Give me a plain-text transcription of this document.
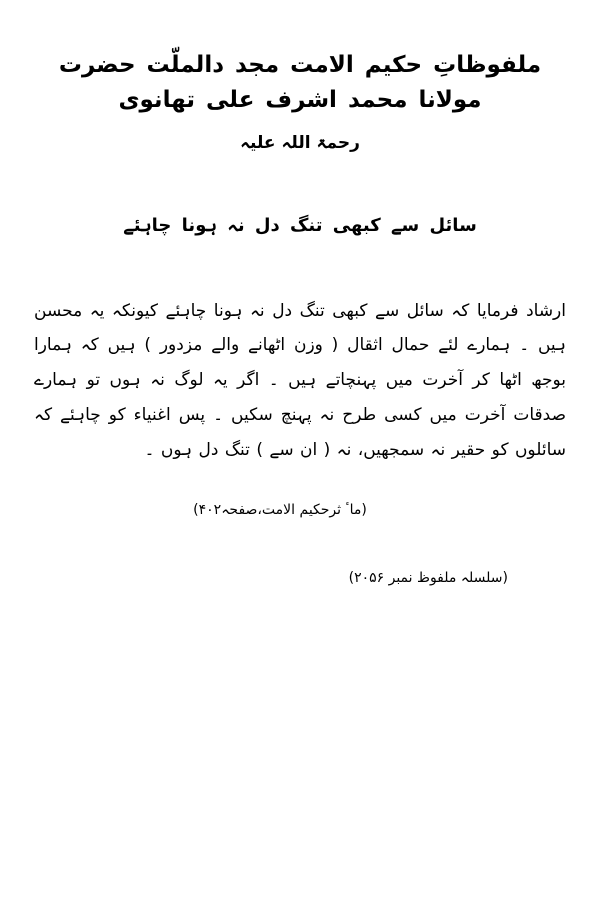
ملفوظاتِ حکیم الامت مجد دالملّت حضرت مولانا محمد اشرف علی تھانوی
رحمۃ اللہ علیہ
سائل سے کبھی تنگ دل نہ ہونا چاہئے

ارشاد فرمایا کہ سائل سے کبھی تنگ دل نہ ہونا چاہئے کیونکہ یہ محسن ہیں ۔ ہمارے لئے حمال اثقال ( وزن اٹھانے والے مزدور ) ہیں کہ ہمارا بوجھ اٹھا کر آخرت میں پہنچاتے ہیں ۔ اگر یہ لوگ نہ ہوں تو ہمارے صدقات آخرت میں کسی طرح نہ پہنچ سکیں ۔ پس اغنیاء کو چاہئے کہ سائلوں کو حقیر نہ سمجھیں، نہ ( ان سے ) تنگ دل ہوں ۔

(ماٴ ثرحکیم الامت،صفحہ۴۰۲)
(سلسلہ ملفوظ نمبر ۲۰۵۶)
